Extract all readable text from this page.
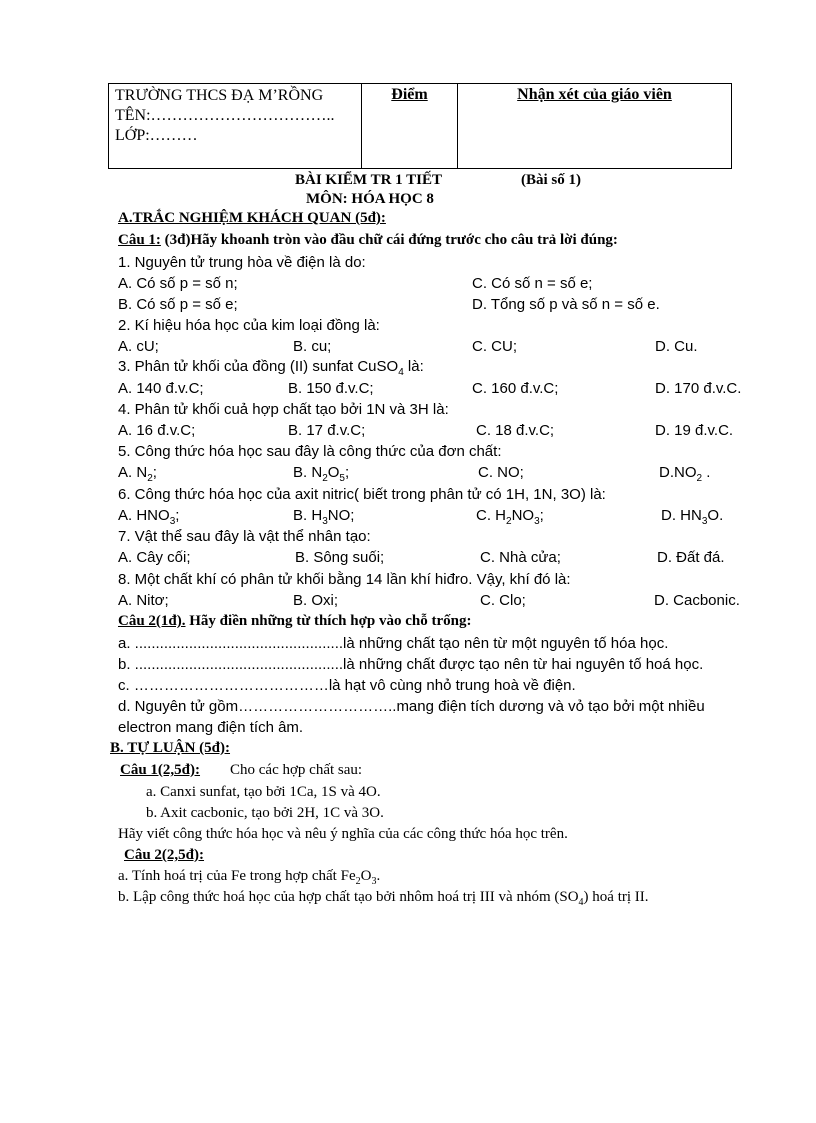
TRƯỜNG THCS ĐẠ M’RỒNG
TÊN:……………………………..
LỚP:………
Điểm	Nhận xét của giáo viên
BÀI KIỂM TR 1 TIẾT	(Bài số 1)
MÔN: HÓA HỌC 8
A.TRẮC NGHIỆM KHÁCH QUAN (5đ):
Câu 1: (3đ)Hãy khoanh tròn vào đầu chữ cái đứng trước cho câu trả lời đúng:
1. Nguyên tử trung hòa về điện là do:
A. Có số p = số n;	C. Có số n = số e;
B. Có số p = số e;	D. Tổng số p và số n = số e.
2. Kí hiệu hóa học của kim loại đồng là:
A. cU;	B. cu;	C. CU;	D. Cu.
3. Phân tử khối của đồng (II) sunfat CuSO$_4$ là:
A. 140 đ.v.C;	B. 150 đ.v.C;	C. 160 đ.v.C;	D. 170 đ.v.C.
4. Phân tử khối cuả hợp chất tạo bởi 1N và 3H là:
A. 16 đ.v.C;	B. 17 đ.v.C;	C. 18 đ.v.C;	D. 19 đ.v.C.
5. Công thức hóa học sau đây là công thức của đơn chất:
A. $N_2$;	B. $N_2O_5$;	C. NO;	$D.NO_2$ .
6. Công thức hóa học của axit nitric( biết trong phân tử có 1H, 1N, 3O) là:
A. $HNO_3$;	B. $H_3NO$;	C. $H_2NO_3$;	D. $HN_3O$.
7. Vật thể sau đây là vật thể nhân tạo:
A. Cây cối;	B. Sông suối;	C. Nhà cửa;	D. Đất đá.
8. Một chất khí có phân tử khối bằng 14 lần khí hiđro. Vậy, khí đó là:
A. Nitơ;	B. Oxi;	C. Clo;	D. Cacbonic.
Câu 2(1đ). Hãy điền những từ thích hợp vào chỗ trống:
a. ..................................................là những chất tạo nên từ một nguyên tố hóa học.
b. ..................................................là những chất được tạo nên từ hai nguyên tố hoá học.
c. …………………………………là hạt vô cùng nhỏ trung hoà về điện.
d. Nguyên tử gồm…………………………..mang điện tích dương và vỏ tạo bởi một nhiều
electron mang điện tích âm.
B. TỰ LUẬN (5đ):
Câu 1(2,5đ): Cho các hợp chất sau:
a. Canxi sunfat, tạo bởi 1Ca, 1S và 4O.
b. Axit cacbonic, tạo bởi 2H, 1C và 3O.
Hãy viết công thức hóa học và nêu ý nghĩa của các công thức hóa học trên.
Câu 2(2,5đ):
a. Tính hoá trị của Fe trong hợp chất $Fe_2O_3$.
b. Lập công thức hoá học của hợp chất tạo bởi nhôm hoá trị III và nhóm $(SO_4)$ hoá trị II.
